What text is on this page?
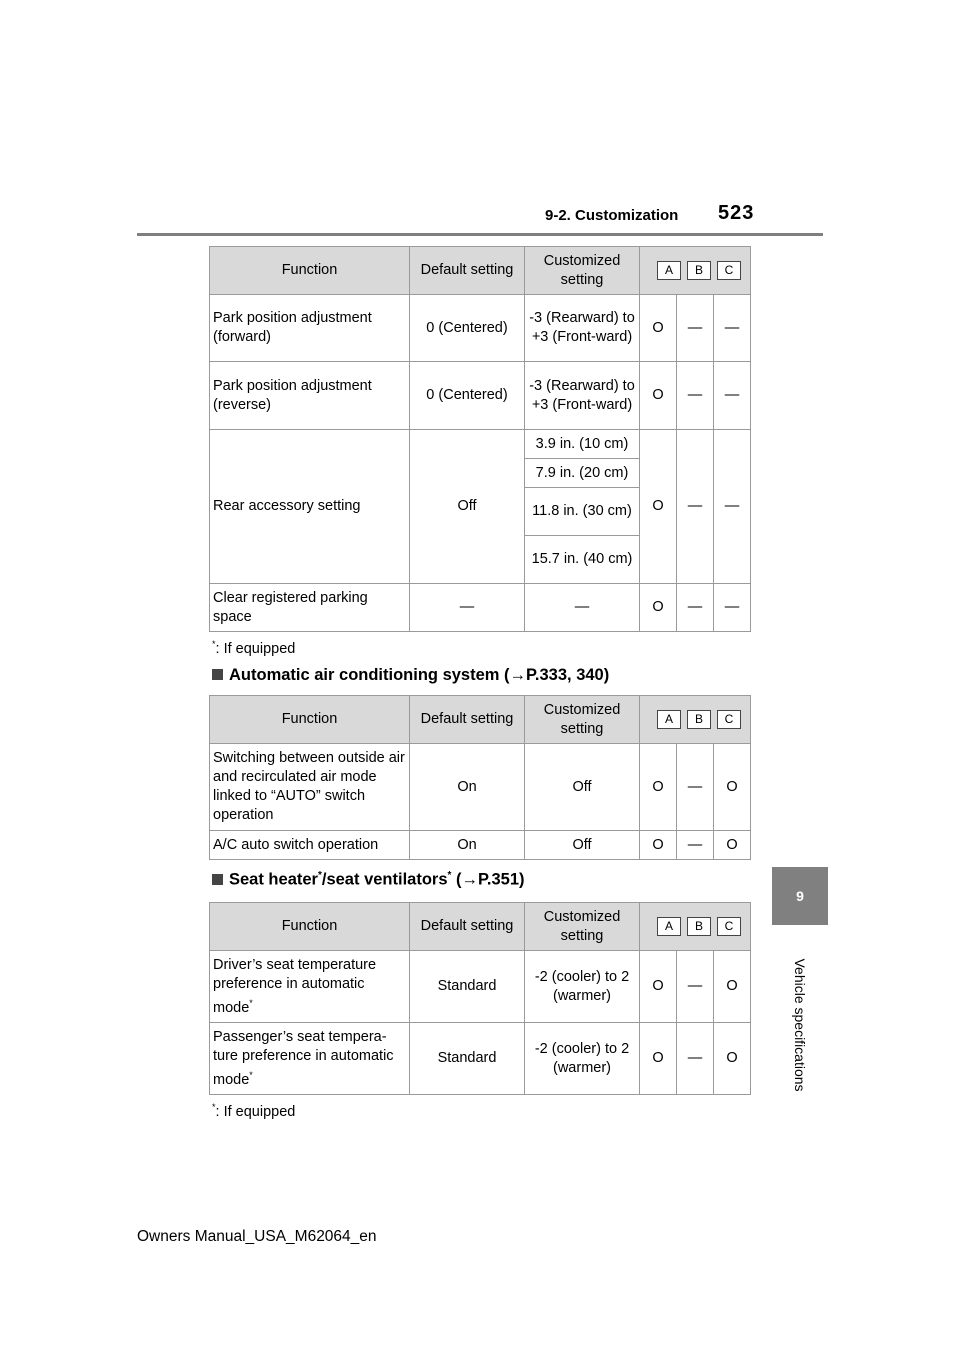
9-2. Customization 523
9
Vehicle specifications
Function	Default setting	Customized setting	A B C		
Park position adjustment (forward)	0 (Centered)	-3 (Rearward) to +3 (Front-ward)	O	—	—
Park position adjustment (reverse)	0 (Centered)	-3 (Rearward) to +3 (Front-ward)	O	—	—
Rear accessory setting	Off	3.9 in. (10 cm)	O	—	—
		7.9 in. (20 cm)			
		11.8 in. (30 cm)			
		15.7 in. (40 cm)			
Clear registered parking space	—	—	O	—	—
*: If equipped
Automatic air conditioning system (→P.333, 340)
Function	Default setting	Customized setting	A B C		
Switching between outside air and recirculated air mode linked to “AUTO” switch operation	On	Off	O	—	O
A/C auto switch operation	On	Off	O	—	O
Seat heater*/seat ventilators* (→P.351)
Function	Default setting	Customized setting	A B C		
Driver’s seat temperature preference in automatic mode*	Standard	-2 (cooler) to 2 (warmer)	O	—	O
Passenger’s seat tempera-ture preference in automatic mode*	Standard	-2 (cooler) to 2 (warmer)	O	—	O
*: If equipped
Owners Manual_USA_M62064_en
